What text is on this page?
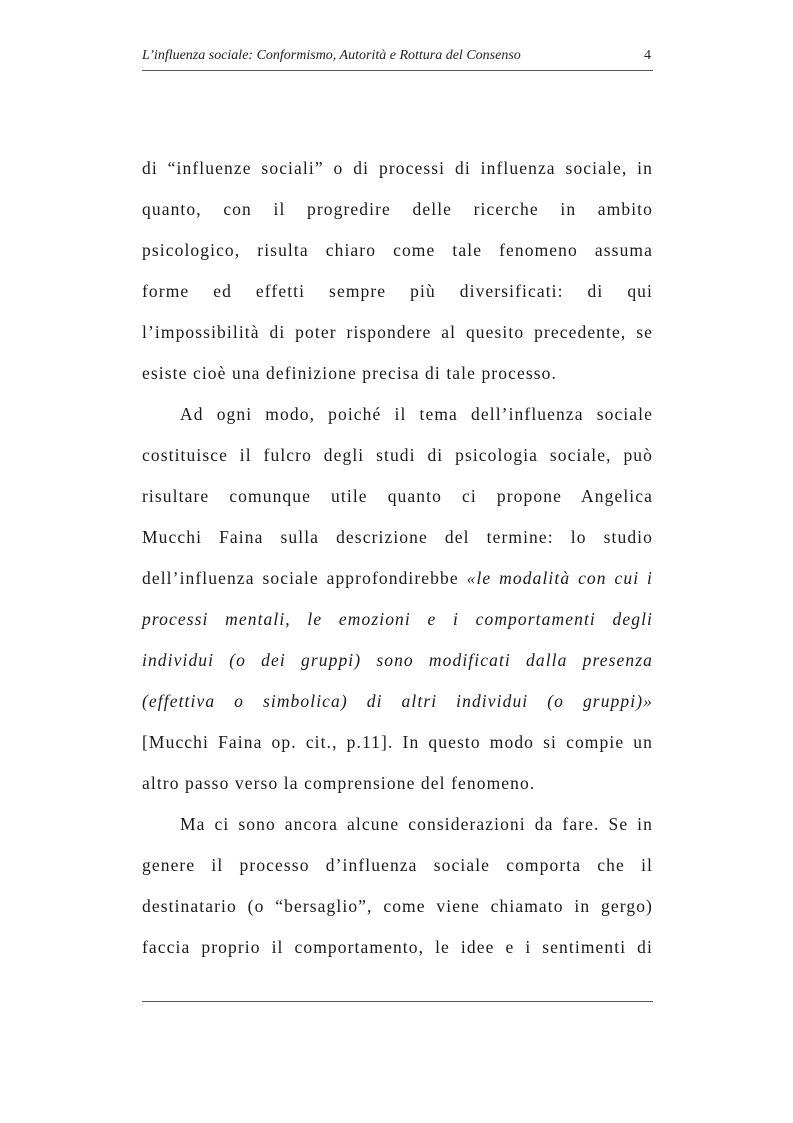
L’influenza sociale: Conformismo, Autorità e Rottura del Consenso	4
di “influenze sociali” o di processi di influenza sociale, in
quanto, con il progredire delle ricerche in ambito
psicologico, risulta chiaro come tale fenomeno assuma
forme ed effetti sempre più diversificati: di qui
l’impossibilità di poter rispondere al quesito precedente, se
esiste cioè una definizione precisa di tale processo.
Ad ogni modo, poiché il tema dell’influenza sociale
costituisce il fulcro degli studi di psicologia sociale, può
risultare comunque utile quanto ci propone Angelica
Mucchi Faina sulla descrizione del termine: lo studio
dell’influenza sociale approfondirebbe «le modalità con cui i
processi mentali, le emozioni e i comportamenti degli
individui (o dei gruppi) sono modificati dalla presenza
(effettiva o simbolica) di altri individui (o gruppi)»
[Mucchi Faina op. cit., p.11]. In questo modo si compie un
altro passo verso la comprensione del fenomeno.
Ma ci sono ancora alcune considerazioni da fare. Se in
genere il processo d’influenza sociale comporta che il
destinatario (o “bersaglio”, come viene chiamato in gergo)
faccia proprio il comportamento, le idee e i sentimenti di
